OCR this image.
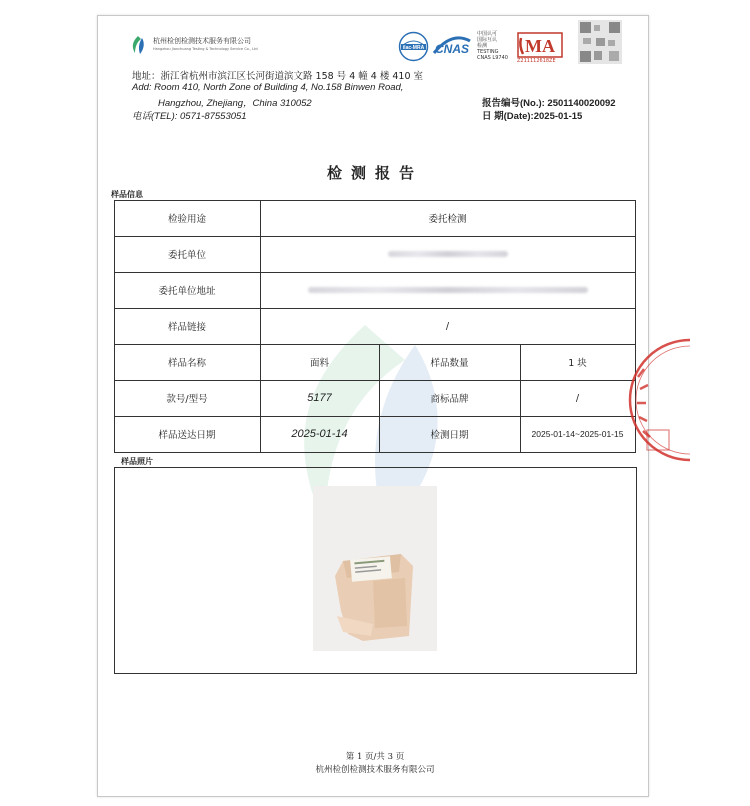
杭州检创检测技术服务有限公司
Hangzhou Jianchuang Testing & Technology Service Co., Ltd	ilac-MRA CNAS
中国认可
国际互认
检测
TESTING
CNAS L9740
MA
Z211112618ZE
地址：浙江省杭州市滨江区长河街道滨文路 158 号 4 幢 4 楼 410 室
Add: Room 410, North Zone of Building 4, No.158 Binwen Road,
Hangzhou, Zhejiang，China 310052
电话(TEL): 0571-87553051
报告编号(No.): 2501140020092
日 期(Date):2025-01-15
检测报告
样品信息
检验用途	委托检测
委托单位
委托单位地址
样品链接	/
样品名称	面料	样品数量	1 块
款号/型号	5177	商标品牌	/
样品送达日期	2025-01-14	检测日期	2025-01-14~2025-01-15
样品照片
第 1 页/共 3 页
杭州检创检测技术服务有限公司
